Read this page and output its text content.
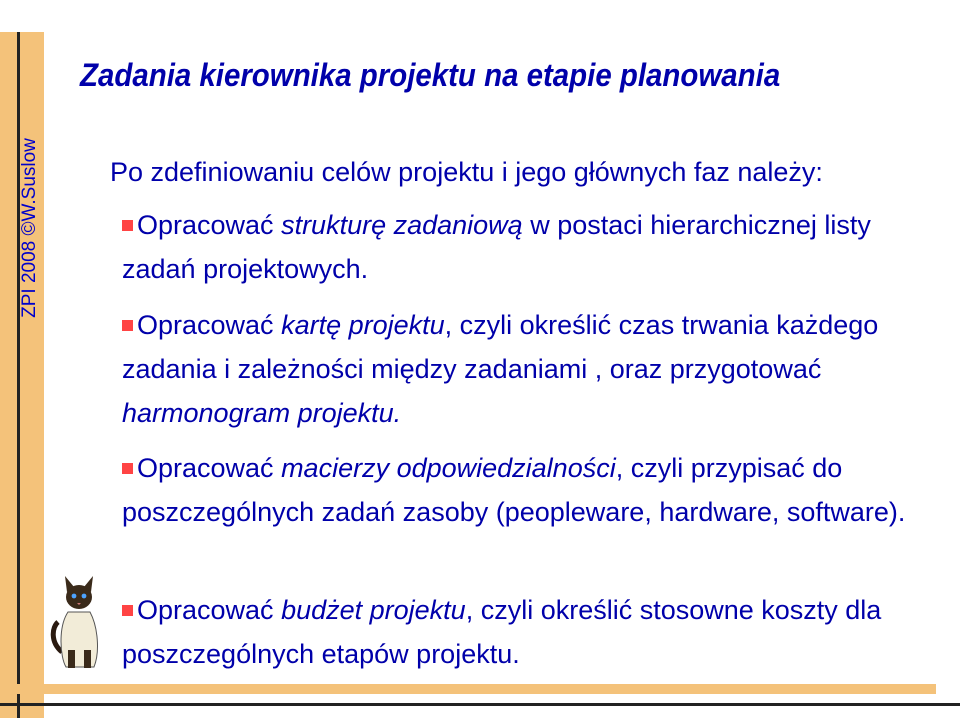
ZPI 2008 ©W.Suslow
Zadania kierownika projektu na etapie planowania
Po zdefiniowaniu celów projektu i jego głównych faz należy:
Opracować strukturę zadaniową w postaci hierarchicznej listy zadań projektowych.
Opracować kartę projektu, czyli określić czas trwania każdego zadania i zależności między zadaniami , oraz przygotować harmonogram projektu.
Opracować macierzy odpowiedzialności, czyli przypisać do poszczególnych zadań zasoby (peopleware, hardware, software).
Opracować budżet projektu, czyli określić stosowne koszty dla poszczególnych etapów projektu.
